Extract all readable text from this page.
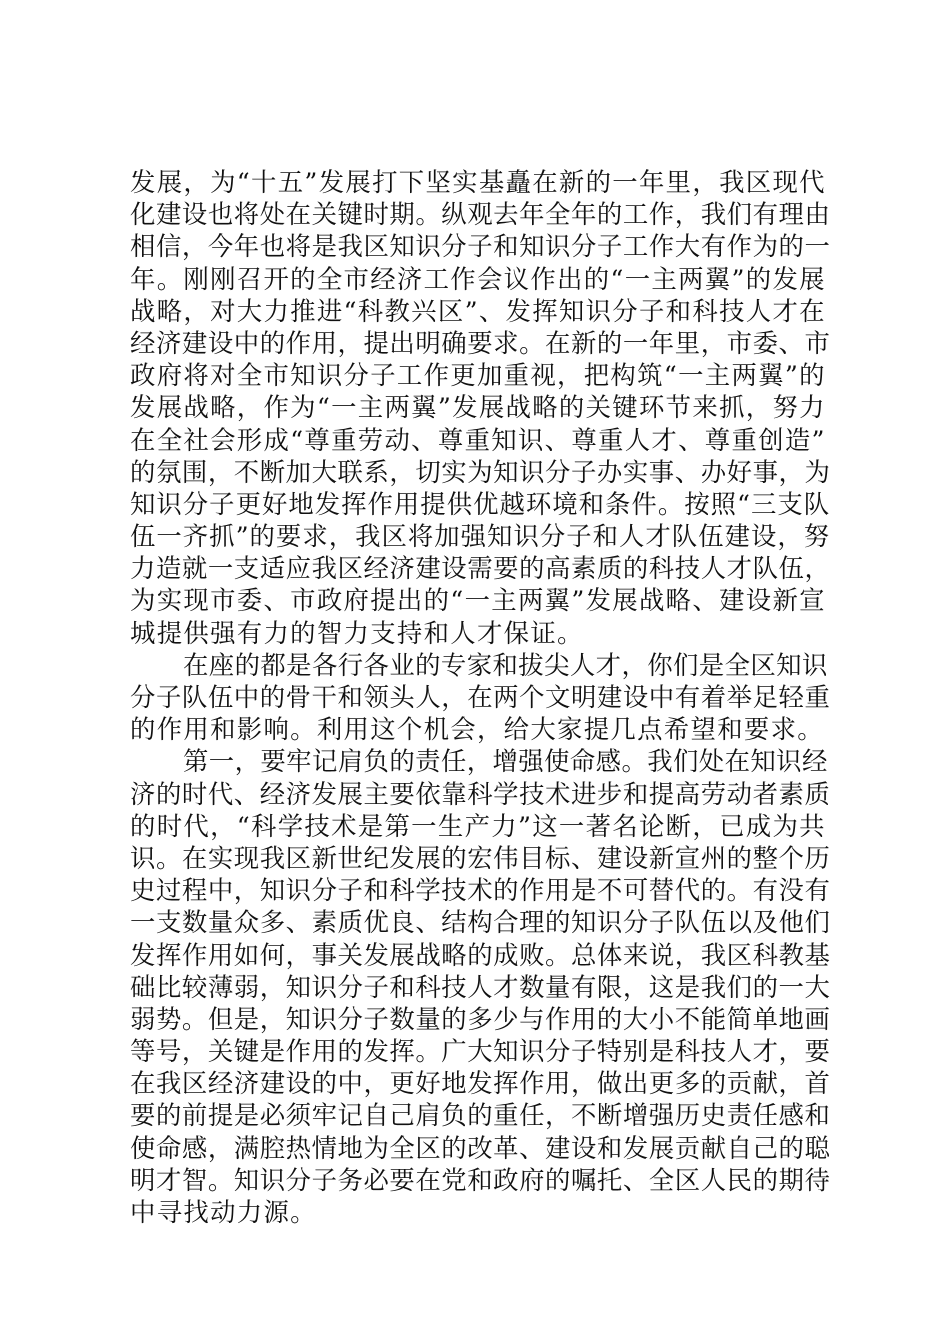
发展，为“十五”发展打下坚实基矗在新的一年里，我区现代
化建设也将处在关键时期。纵观去年全年的工作，我们有理由
相信，今年也将是我区知识分子和知识分子工作大有作为的一
年。刚刚召开的全市经济工作会议作出的“一主两翼”的发展
战略，对大力推进“科教兴区”、发挥知识分子和科技人才在
经济建设中的作用，提出明确要求。在新的一年里，市委、市
政府将对全市知识分子工作更加重视，把构筑“一主两翼”的
发展战略，作为“一主两翼”发展战略的关键环节来抓，努力
在全社会形成“尊重劳动、尊重知识、尊重人才、尊重创造”
的氛围，不断加大联系，切实为知识分子办实事、办好事，为
知识分子更好地发挥作用提供优越环境和条件。按照“三支队
伍一齐抓”的要求，我区将加强知识分子和人才队伍建设，努
力造就一支适应我区经济建设需要的高素质的科技人才队伍，
为实现市委、市政府提出的“一主两翼”发展战略、建设新宣
城提供强有力的智力支持和人才保证。
在座的都是各行各业的专家和拔尖人才，你们是全区知识
分子队伍中的骨干和领头人，在两个文明建设中有着举足轻重
的作用和影响。利用这个机会，给大家提几点希望和要求。
第一，要牢记肩负的责任，增强使命感。我们处在知识经
济的时代、经济发展主要依靠科学技术进步和提高劳动者素质
的时代，“科学技术是第一生产力”这一著名论断，已成为共
识。在实现我区新世纪发展的宏伟目标、建设新宣州的整个历
史过程中，知识分子和科学技术的作用是不可替代的。有没有
一支数量众多、素质优良、结构合理的知识分子队伍以及他们
发挥作用如何，事关发展战略的成败。总体来说，我区科教基
础比较薄弱，知识分子和科技人才数量有限，这是我们的一大
弱势。但是，知识分子数量的多少与作用的大小不能简单地画
等号，关键是作用的发挥。广大知识分子特别是科技人才，要
在我区经济建设的中，更好地发挥作用，做出更多的贡献，首
要的前提是必须牢记自己肩负的重任，不断增强历史责任感和
使命感，满腔热情地为全区的改革、建设和发展贡献自己的聪
明才智。知识分子务必要在党和政府的嘱托、全区人民的期待
中寻找动力源。
